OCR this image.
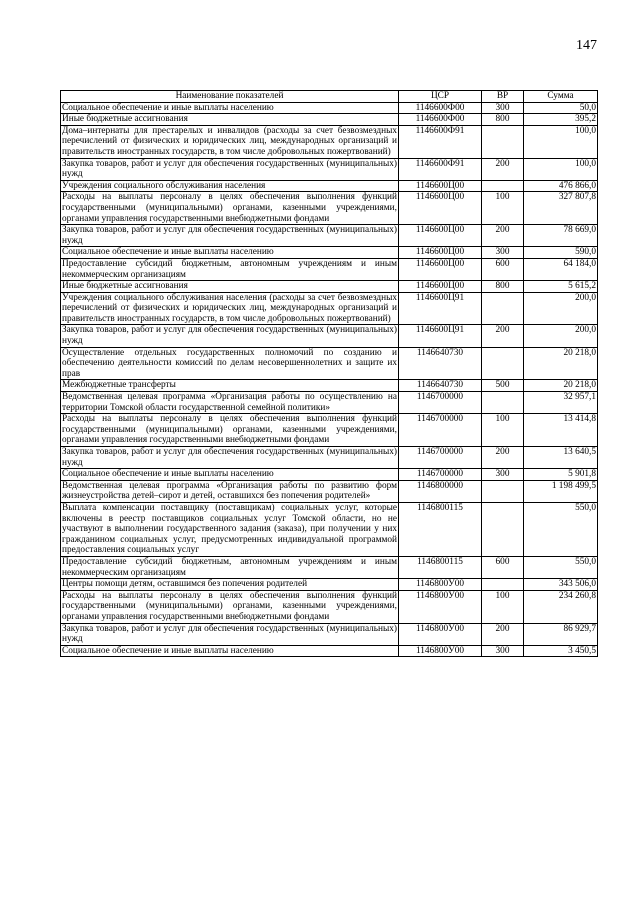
147
Наименование показателей	ЦСР	ВР	Сумма
Социальное обеспечение и иные выплаты населению	1146600Ф00	300	50,0
Иные бюджетные ассигнования	1146600Ф00	800	395,2
Дома–интернаты для престарелых и инвалидов (расходы за счет безвозмездных перечислений от физических и юридических лиц, международных организаций и правительств иностранных государств, в том числе добровольных пожертвований)	1146600Ф91		100,0
Закупка товаров, работ и услуг для обеспечения государственных (муниципальных) нужд	1146600Ф91	200	100,0
Учреждения социального обслуживания населения	1146600Ц00		476 866,0
Расходы на выплаты персоналу в целях обеспечения выполнения функций государственными (муниципальными) органами, казенными учреждениями, органами управления государственными внебюджетными фондами	1146600Ц00	100	327 807,8
Закупка товаров, работ и услуг для обеспечения государственных (муниципальных) нужд	1146600Ц00	200	78 669,0
Социальное обеспечение и иные выплаты населению	1146600Ц00	300	590,0
Предоставление субсидий бюджетным, автономным учреждениям и иным некоммерческим организациям	1146600Ц00	600	64 184,0
Иные бюджетные ассигнования	1146600Ц00	800	5 615,2
Учреждения социального обслуживания населения (расходы за счет безвозмездных перечислений от физических и юридических лиц, международных организаций и правительств иностранных государств, в том числе добровольных пожертвований)	1146600Ц91		200,0
Закупка товаров, работ и услуг для обеспечения государственных (муниципальных) нужд	1146600Ц91	200	200,0
Осуществление отдельных государственных полномочий по созданию и обеспечению деятельности комиссий по делам несовершеннолетних и защите их прав	1146640730		20 218,0
Межбюджетные трансферты	1146640730	500	20 218,0
Ведомственная целевая программа «Организация работы по осуществлению на территории Томской области государственной семейной политики»	1146700000		32 957,1
Расходы на выплаты персоналу в целях обеспечения выполнения функций государственными (муниципальными) органами, казенными учреждениями, органами управления государственными внебюджетными фондами	1146700000	100	13 414,8
Закупка товаров, работ и услуг для обеспечения государственных (муниципальных) нужд	1146700000	200	13 640,5
Социальное обеспечение и иные выплаты населению	1146700000	300	5 901,8
Ведомственная целевая программа «Организация работы по развитию форм жизнеустройства детей–сирот и детей, оставшихся без попечения родителей»	1146800000		1 198 499,5
Выплата компенсации поставщику (поставщикам) социальных услуг, которые включены в реестр поставщиков социальных услуг Томской области, но не участвуют в выполнении государственного задания (заказа), при получении у них гражданином социальных услуг, предусмотренных индивидуальной программой предоставления социальных услуг	1146800115		550,0
Предоставление субсидий бюджетным, автономным учреждениям и иным некоммерческим организациям	1146800115	600	550,0
Центры помощи детям, оставшимся без попечения родителей	1146800У00		343 506,0
Расходы на выплаты персоналу в целях обеспечения выполнения функций государственными (муниципальными) органами, казенными учреждениями, органами управления государственными внебюджетными фондами	1146800У00	100	234 260,8
Закупка товаров, работ и услуг для обеспечения государственных (муниципальных) нужд	1146800У00	200	86 929,7
Социальное обеспечение и иные выплаты населению	1146800У00	300	3 450,5
